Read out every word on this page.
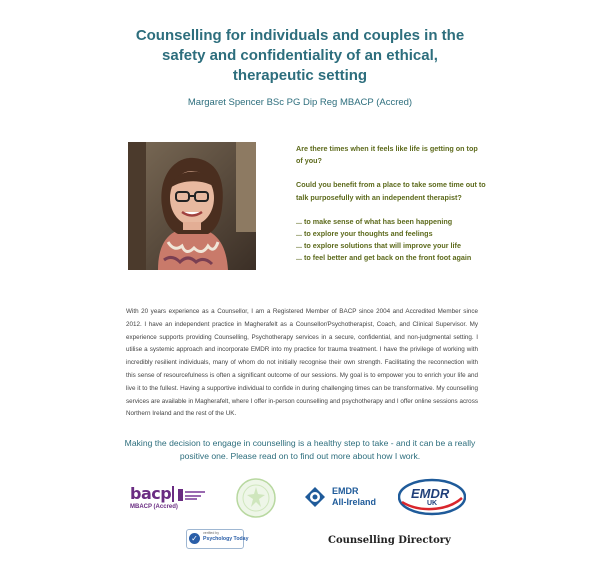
Counselling for individuals and couples in the
safety and confidentiality of an ethical,
therapeutic setting
Margaret Spencer BSc PG Dip Reg MBACP (Accred)

Are there times when it feels like life is getting on top of you?

Could you benefit from a place to take some time out to talk purposefully with an independent therapist?

... to make sense of what has been happening
... to explore your thoughts and feelings
... to explore solutions that will improve your life
... to feel better and get back on the front foot again
With 20 years experience as a Counsellor, I am a Registered Member of BACP since 2004 and Accredited Member since 2012. I have an independent practice in Magherafelt as a Counsellor/Psychotherapist, Coach, and Clinical Supervisor. My experience supports providing Counselling, Psychotherapy services in a secure, confidential, and non-judgmental setting. I utilise a systemic approach and incorporate EMDR into my practice for trauma treatment. I have the privilege of working with incredibly resilient individuals, many of whom do not initially recognise their own strength. Facilitating the reconnection with this sense of resourcefulness is often a significant outcome of our sessions. My goal is to empower you to enrich your life and live it to the fullest. Having a supportive individual to confide in during challenging times can be transformative. My counselling services are available in Magherafelt, where I offer in-person counselling and psychotherapy and I offer online sessions across Northern Ireland and the rest of the UK.
Making the decision to engage in counselling is a healthy step to take - and it can be a really
positive one. Please read on to find out more about how I work.
bacp
MBACP (Accred)
EMDR
All-Ireland
EMDR
UK
✓
verified by
Psychology Today	Counselling Directory
